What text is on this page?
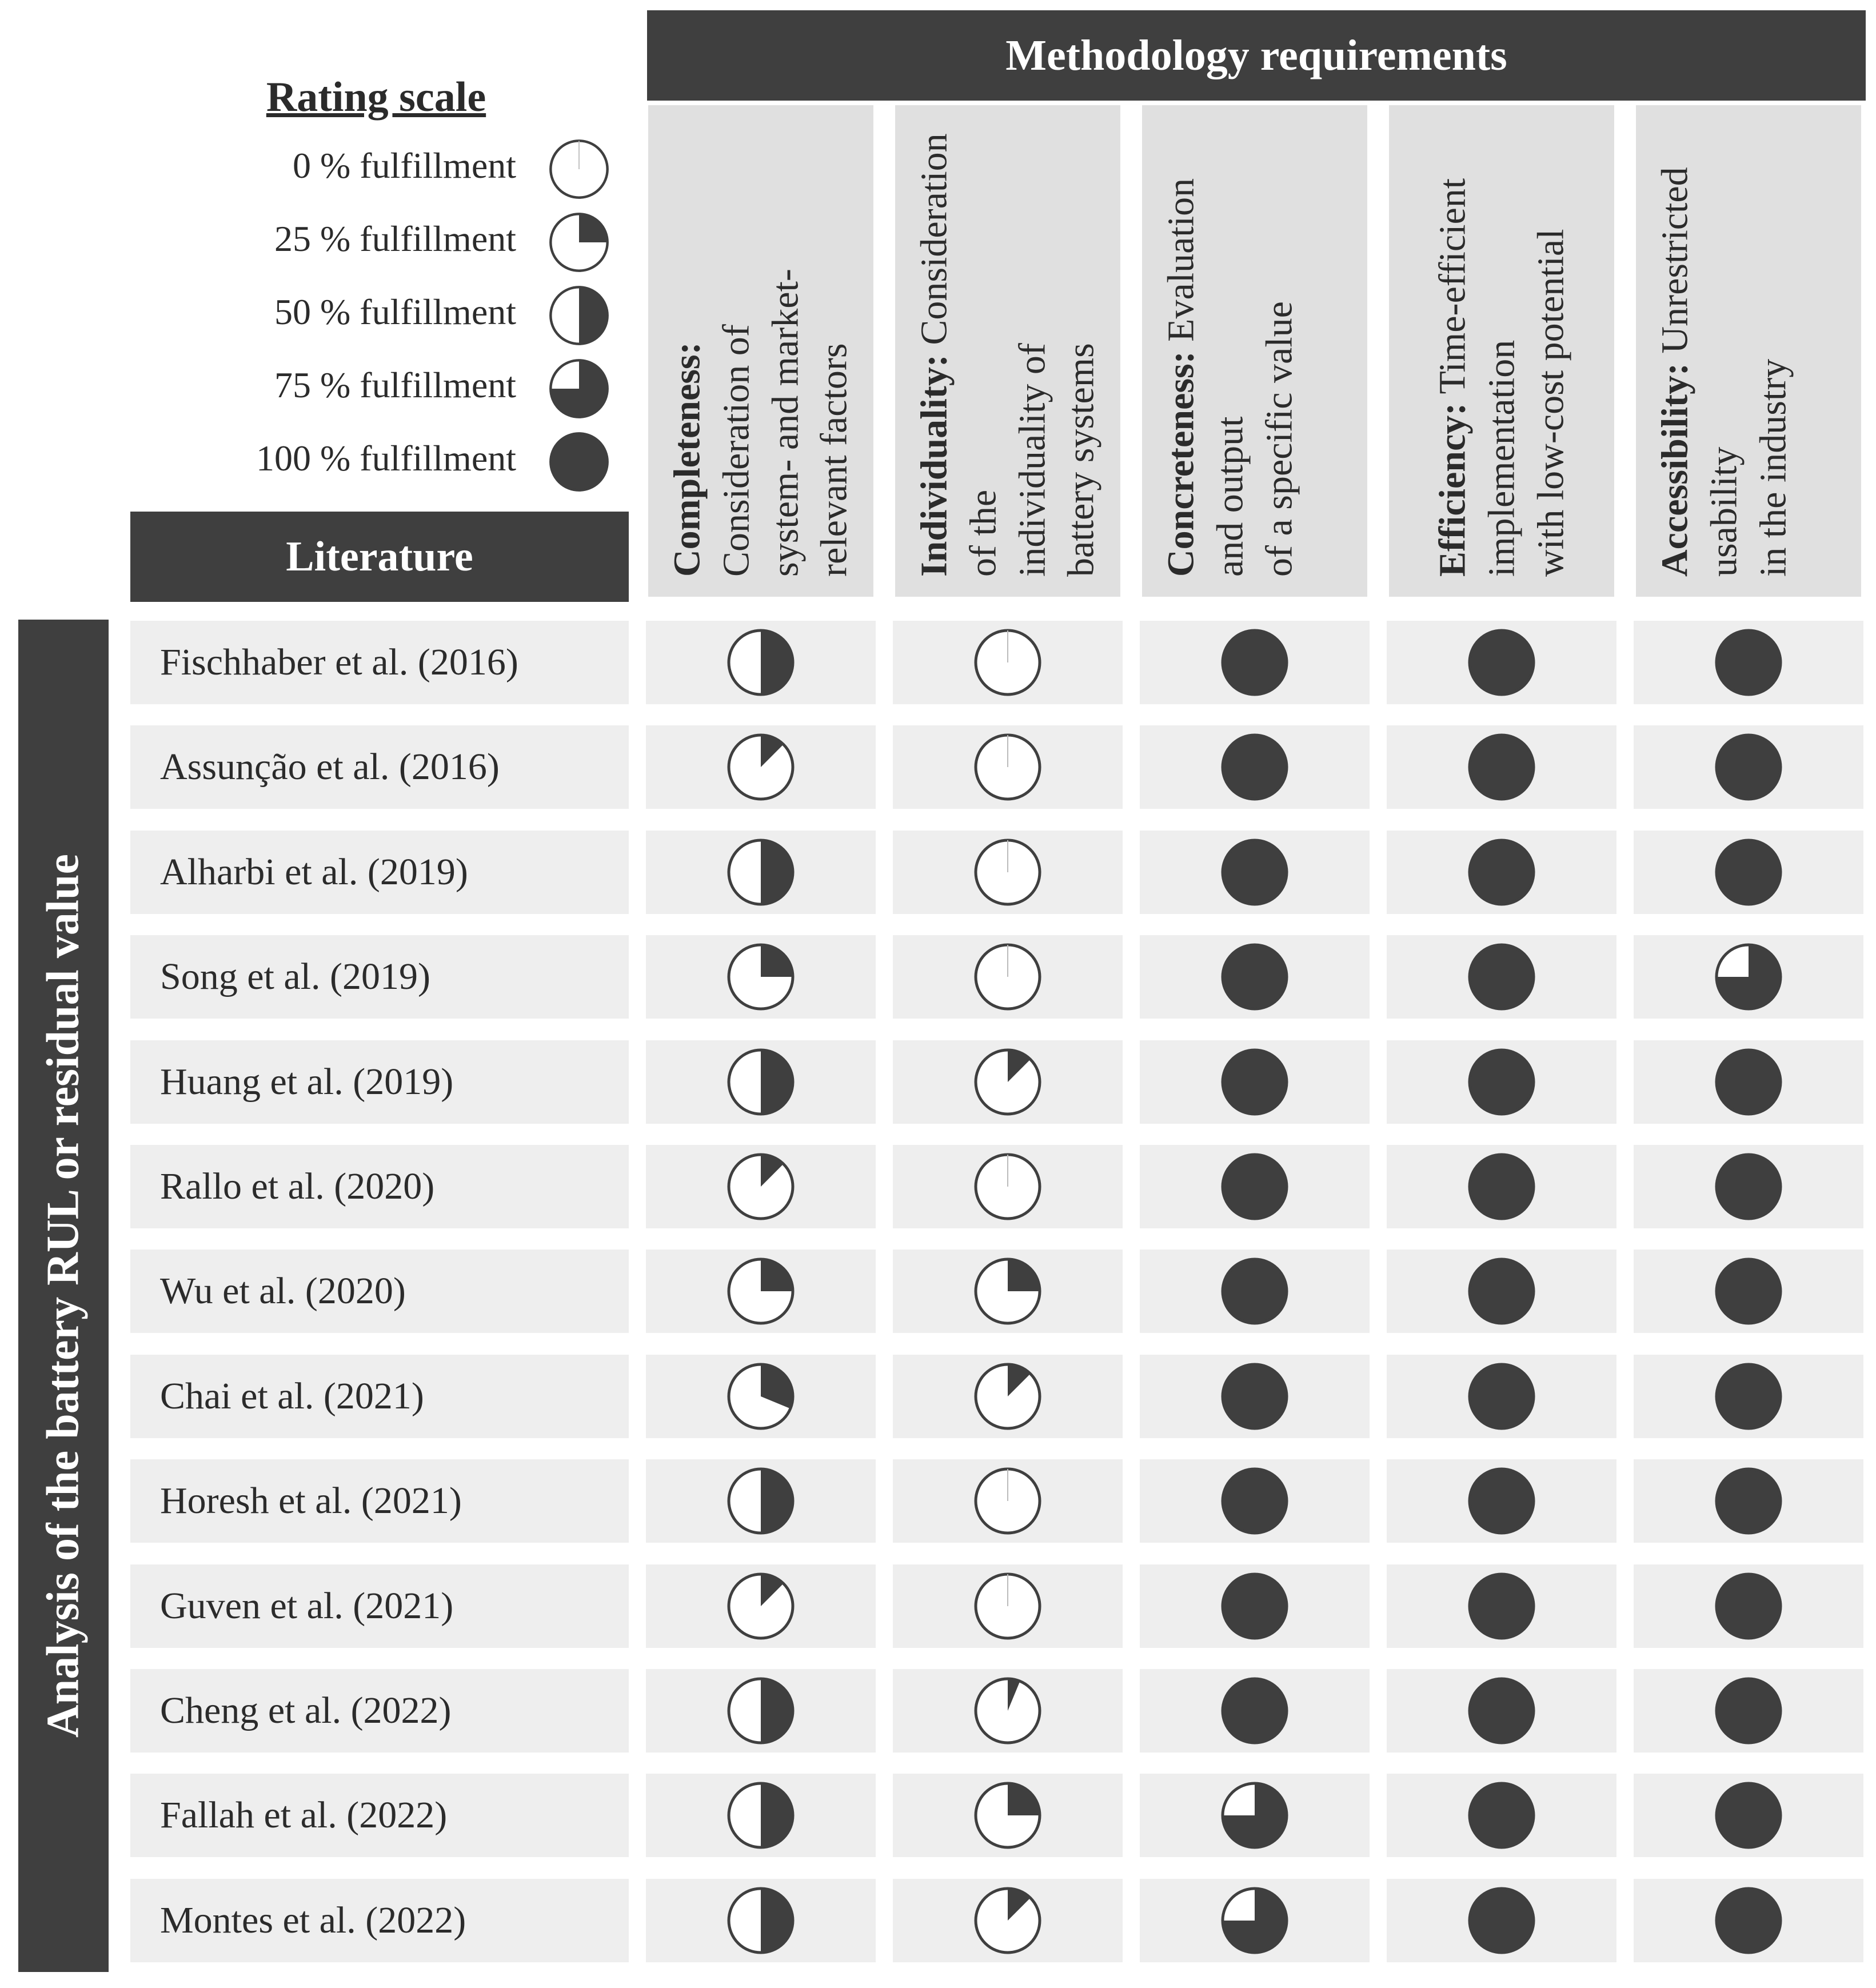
Rating scale
0 % fulfillment
25 % fulfillment
50 % fulfillment
75 % fulfillment
100 % fulfillment
Methodology requirements
Literature
Analysis of the battery RUL or residual value
Completeness: Consideration of system- and market- relevant factors Individuality: Consideration of the individuality of battery systems Concreteness: Evaluation and output of a specific value	Efficiency: Time-efficient
implementation with low-cost potential Accessibility: Unrestricted usability in the industry

Fischhaber et al. (2016)
Assunção et al. (2016)
Alharbi et al. (2019)
Song et al. (2019)
Huang et al. (2019)
Rallo et al. (2020)
Wu et al. (2020)
Chai et al. (2021)
Horesh et al. (2021)
Guven et al. (2021)
Cheng et al. (2022)
Fallah et al. (2022)
Montes et al. (2022)
